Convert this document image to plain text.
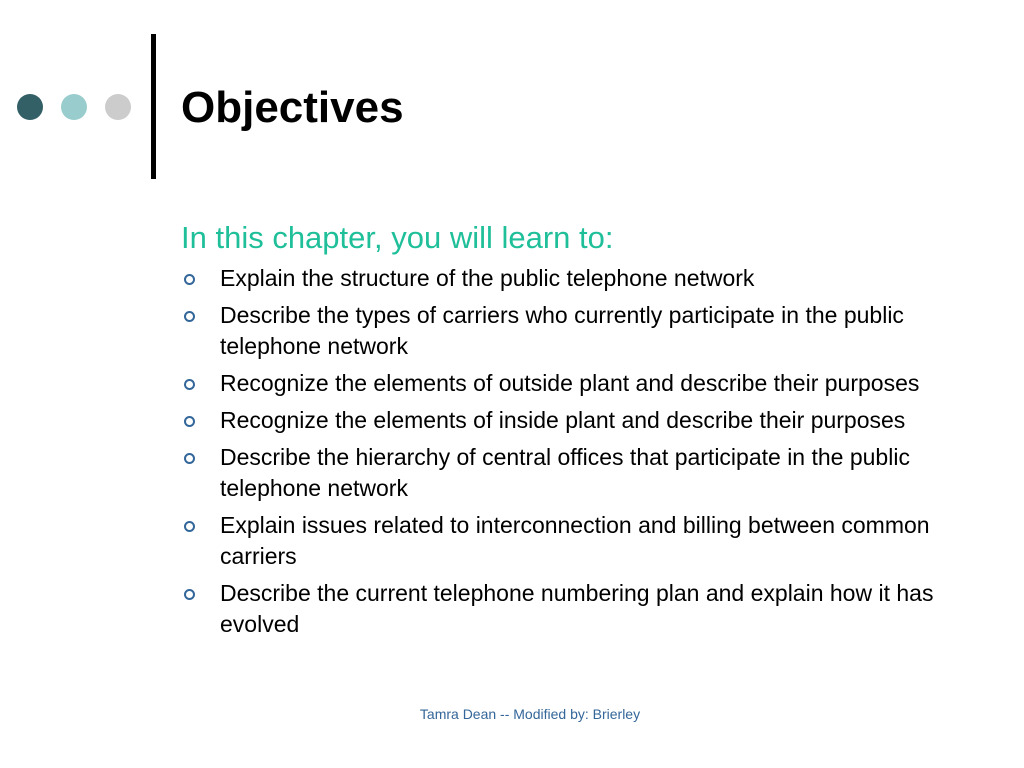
Objectives
In this chapter, you will learn to:
Explain the structure of the public telephone network
Describe the types of carriers who currently participate in the public telephone network
Recognize the elements of outside plant and describe their purposes
Recognize the elements of inside plant and describe their purposes
Describe the hierarchy of central offices that participate in the public telephone network
Explain issues related to interconnection and billing between common carriers
Describe the current telephone numbering plan and explain how it has evolved
Tamra Dean -- Modified by: Brierley
